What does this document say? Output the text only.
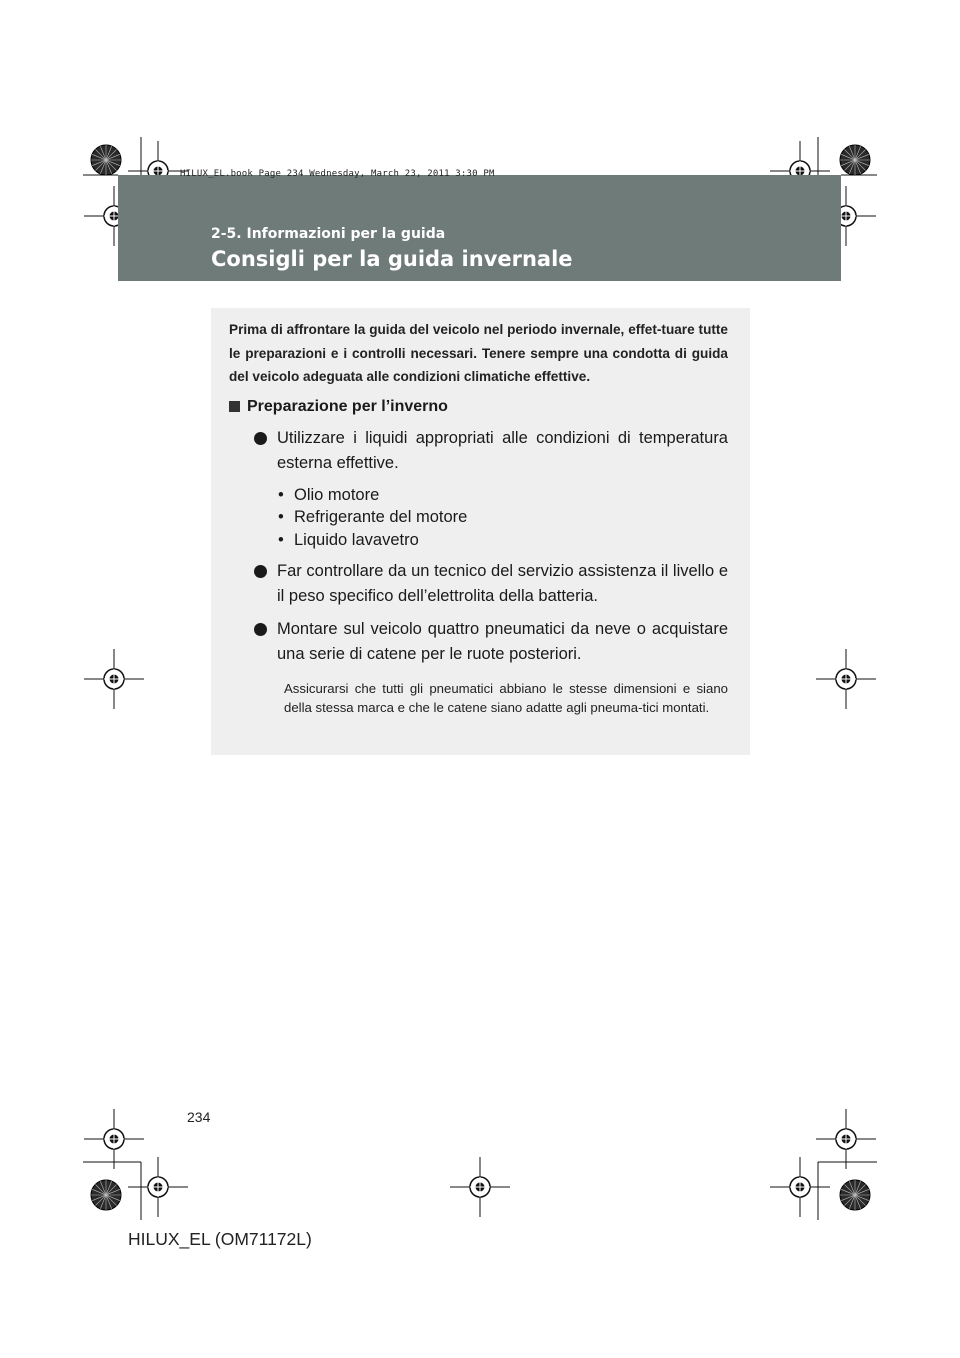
HILUX_EL.book Page 234 Wednesday, March 23, 2011 3:30 PM
2-5. Informazioni per la guida
Consigli per la guida invernale

Prima di affrontare la guida del veicolo nel periodo invernale, effet-tuare tutte le preparazioni e i controlli necessari. Tenere sempre una condotta di guida del veicolo adeguata alle condizioni climatiche effettive.

Preparazione per l’inverno
Utilizzare i liquidi appropriati alle condizioni di temperatura esterna effettive.
• Olio motore
• Refrigerante del motore
• Liquido lavavetro
Far controllare da un tecnico del servizio assistenza il livello e il peso specifico dell’elettrolita della batteria.
Montare sul veicolo quattro pneumatici da neve o acquistare una serie di catene per le ruote posteriori.

Assicurarsi che tutti gli pneumatici abbiano le stesse dimensioni e siano della stessa marca e che le catene siano adatte agli pneuma-tici montati.

234
HILUX_EL (OM71172L)
